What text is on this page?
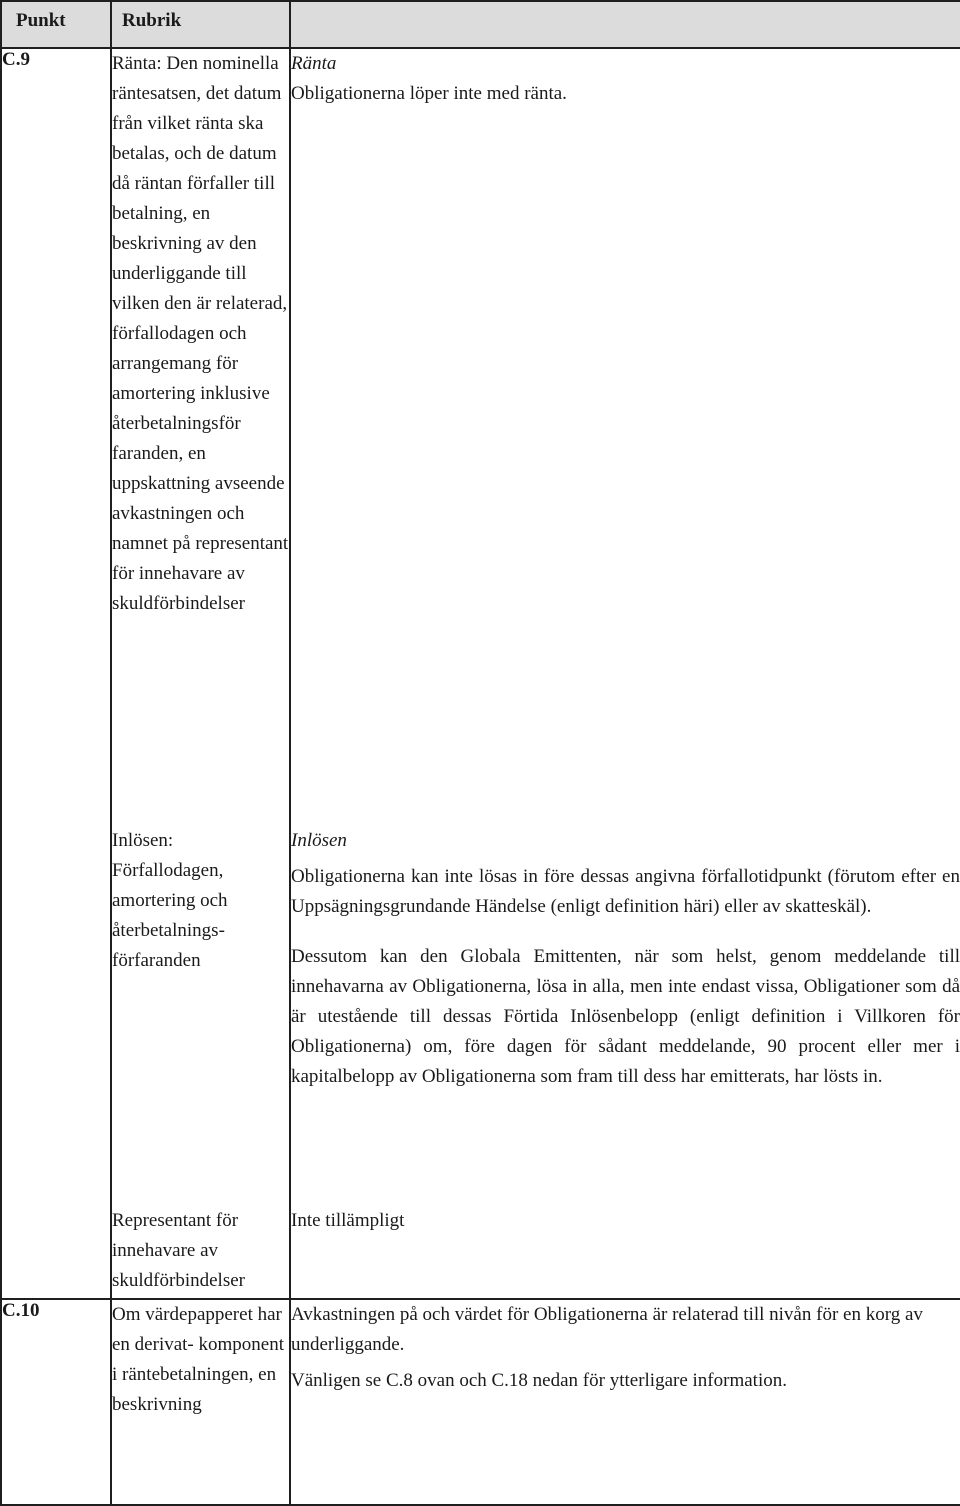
Punkt	Rubrik	
C.9	Ränta: Den nominella räntesatsen, det datum från vilket ränta ska betalas, och de datum då räntan förfaller till betalning, en beskrivning av den underliggande till vilken den är relaterad, förfallodagen och arrangemang för amortering inklusive återbetalningsför faranden, en uppskattning avseende avkastningen och namnet på representant för innehavare av skuldförbindelser	Ränta

Obligationerna löper inte med ränta.

	Inlösen: Förfallodagen, amortering och återbetalnings- förfaranden	Inlösen

Obligationerna kan inte lösas in före dessas angivna förfallotidpunkt (förutom efter en Uppsägningsgrundande Händelse (enligt definition häri) eller av skatteskäl).

Dessutom kan den Globala Emittenten, när som helst, genom meddelande till innehavarna av Obligationerna, lösa in alla, men inte endast vissa, Obligationer som då är utestående till dessas Förtida Inlösenbelopp (enligt definition i Villkoren för Obligationerna) om, före dagen för sådant meddelande, 90 procent eller mer i kapitalbelopp av Obligationerna som fram till dess har emitterats, har lösts in.

	Representant för innehavare av skuldförbindelser	Inte tillämpligt

C.10	Om värdepapperet har en derivat- komponent i räntebetalningen, en beskrivning	Avkastningen på och värdet för Obligationerna är relaterad till nivån för en korg av underliggande.

Vänligen se C.8 ovan och C.18 nedan för ytterligare information.
